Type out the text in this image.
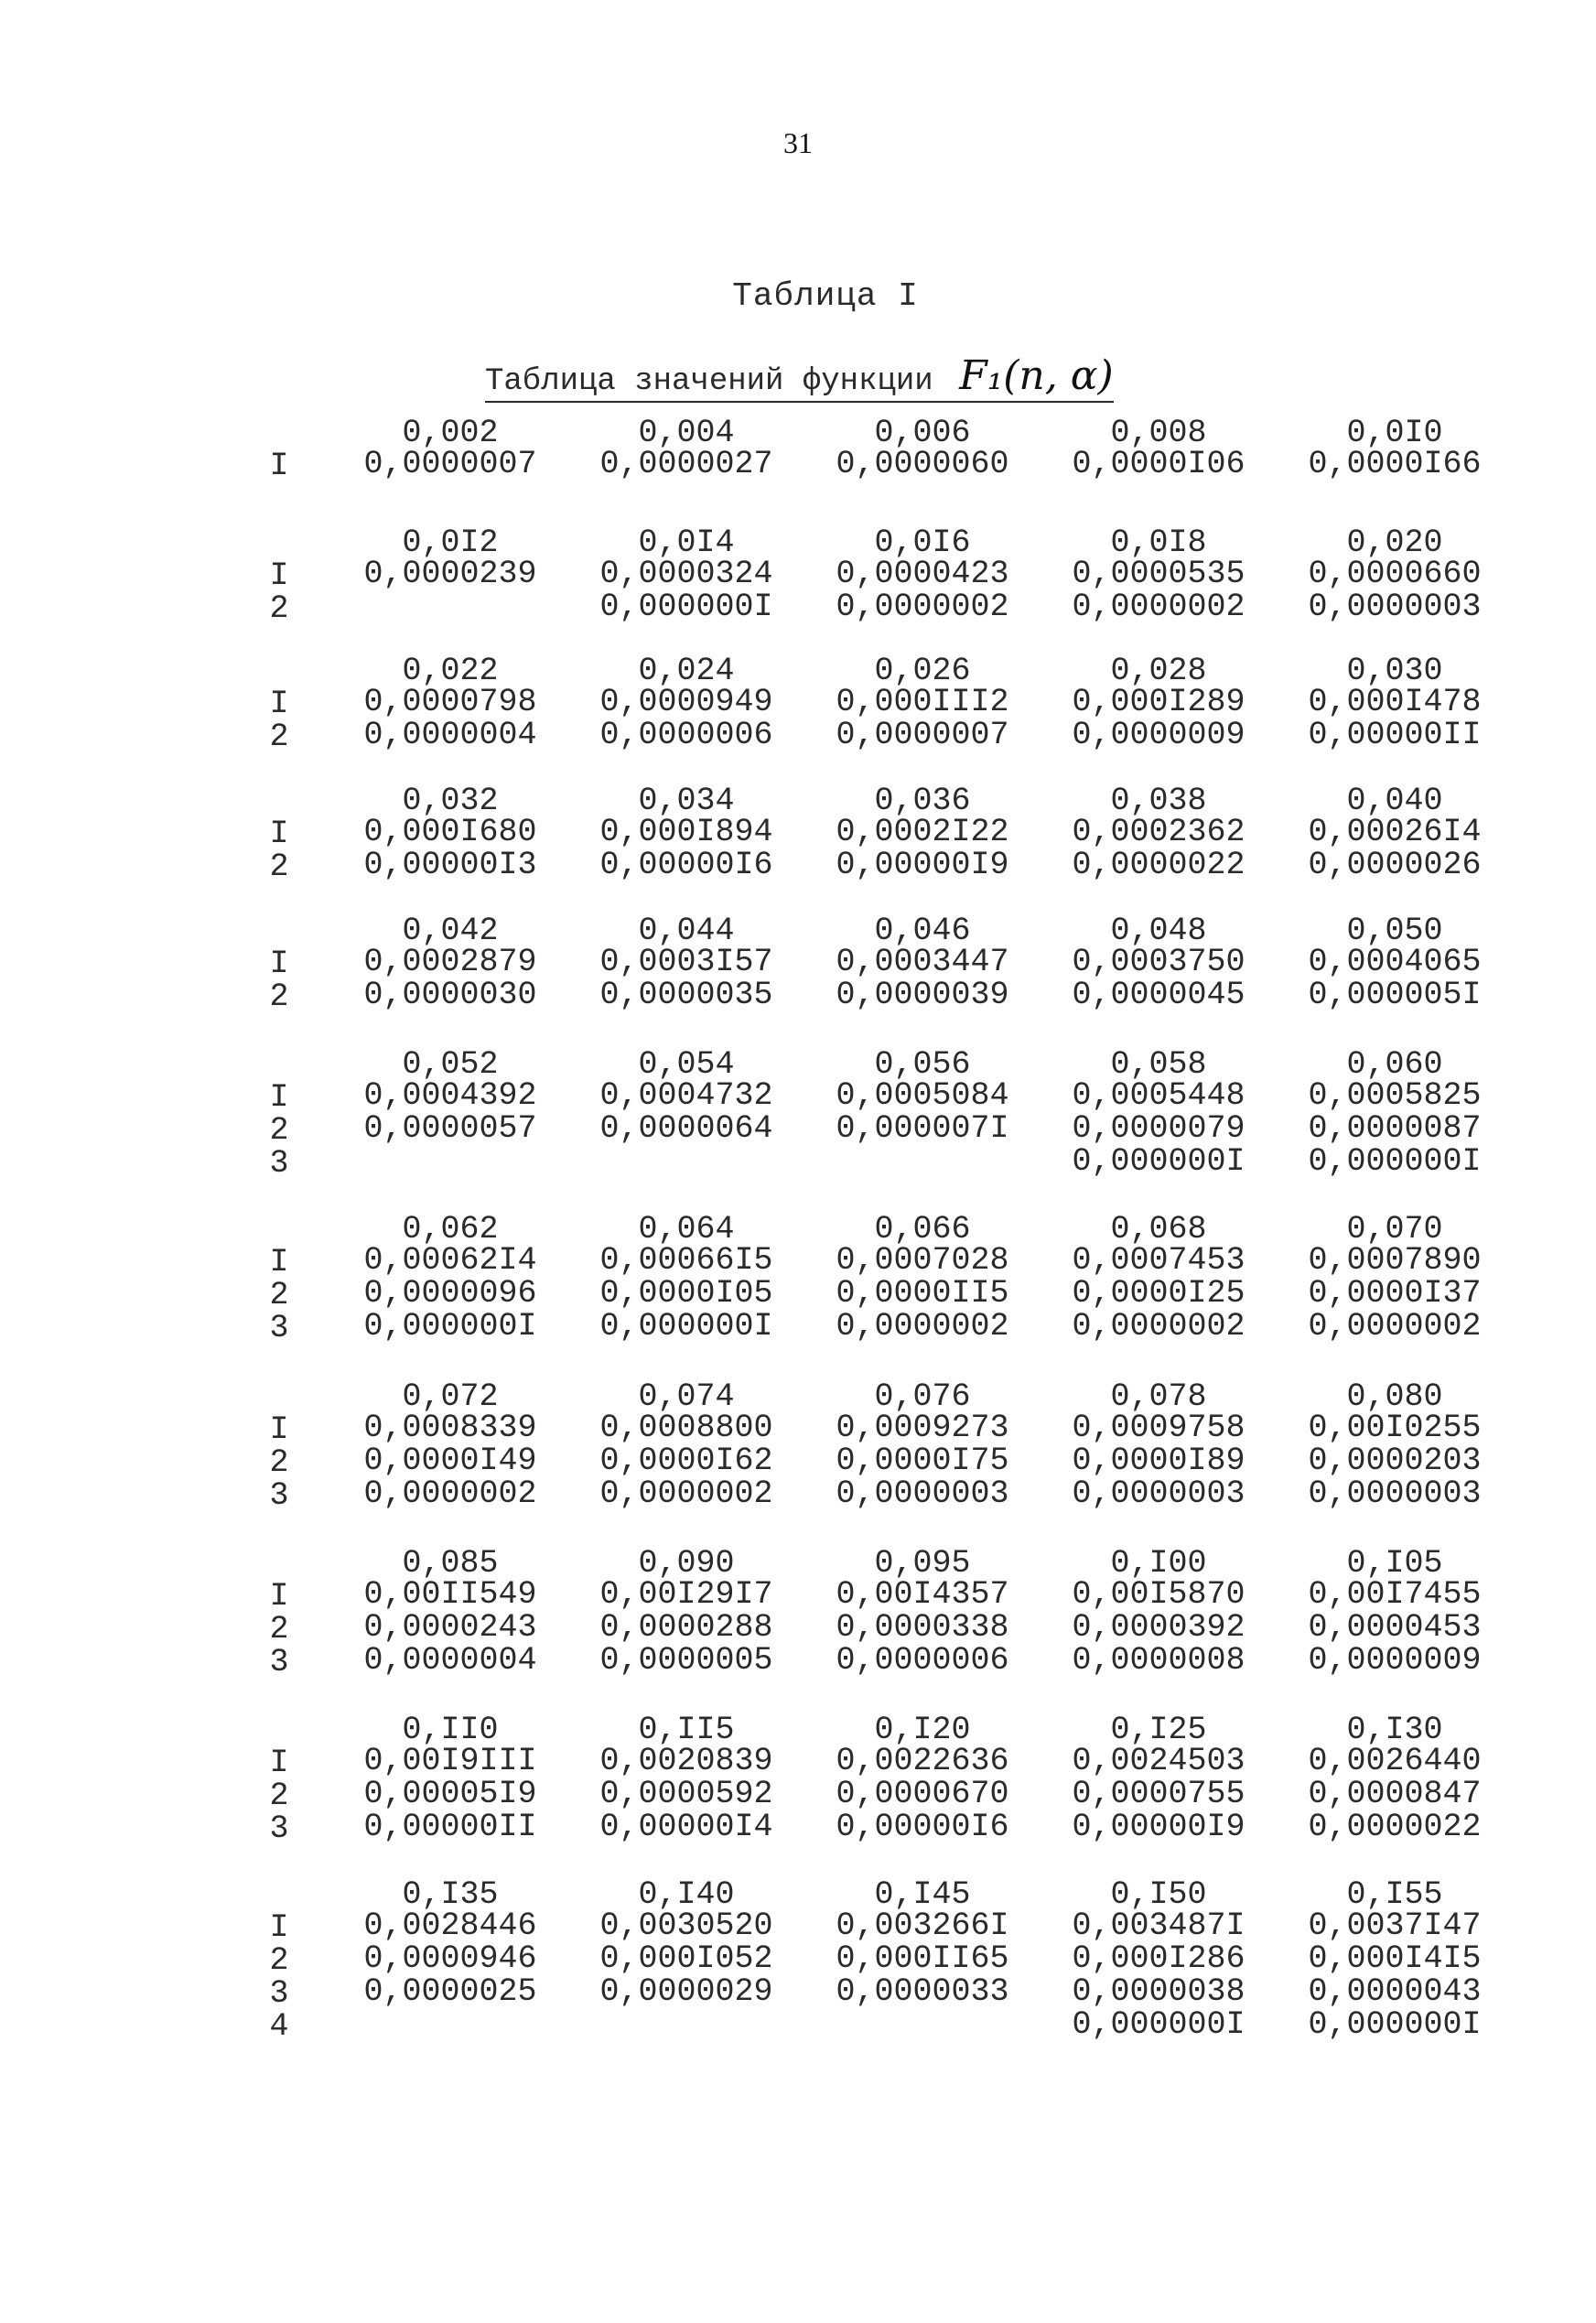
31
Таблица I
Таблица значений функции F₁(n, α)
I
0,002
0,0000007
0,004
0,0000027
0,006
0,0000060
0,008
0,0000I06
0,0I0
0,0000I66
I
2
0,0I2
0,0000239
0,0I4
0,0000324
0,000000I
0,0I6
0,0000423
0,0000002
0,0I8
0,0000535
0,0000002
0,020
0,0000660
0,0000003
I
2
0,022
0,0000798
0,0000004
0,024
0,0000949
0,0000006
0,026
0,000III2
0,0000007
0,028
0,000I289
0,0000009
0,030
0,000I478
0,00000II
I
2
0,032
0,000I680
0,00000I3
0,034
0,000I894
0,00000I6
0,036
0,0002I22
0,00000I9
0,038
0,0002362
0,0000022
0,040
0,00026I4
0,0000026
I
2
0,042
0,0002879
0,0000030
0,044
0,0003I57
0,0000035
0,046
0,0003447
0,0000039
0,048
0,0003750
0,0000045
0,050
0,0004065
0,000005I
I
2
3
0,052
0,0004392
0,0000057
0,054
0,0004732
0,0000064
0,056
0,0005084
0,000007I
0,058
0,0005448
0,0000079
0,000000I
0,060
0,0005825
0,0000087
0,000000I
I
2
3
0,062
0,00062I4
0,0000096
0,000000I
0,064
0,00066I5
0,0000I05
0,000000I
0,066
0,0007028
0,0000II5
0,0000002
0,068
0,0007453
0,0000I25
0,0000002
0,070
0,0007890
0,0000I37
0,0000002
I
2
3
0,072
0,0008339
0,0000I49
0,0000002
0,074
0,0008800
0,0000I62
0,0000002
0,076
0,0009273
0,0000I75
0,0000003
0,078
0,0009758
0,0000I89
0,0000003
0,080
0,00I0255
0,0000203
0,0000003
I
2
3
0,085
0,00II549
0,0000243
0,0000004
0,090
0,00I29I7
0,0000288
0,0000005
0,095
0,00I4357
0,0000338
0,0000006
0,I00
0,00I5870
0,0000392
0,0000008
0,I05
0,00I7455
0,0000453
0,0000009
I
2
3
0,II0
0,00I9III
0,00005I9
0,00000II
0,II5
0,0020839
0,0000592
0,00000I4
0,I20
0,0022636
0,0000670
0,00000I6
0,I25
0,0024503
0,0000755
0,00000I9
0,I30
0,0026440
0,0000847
0,0000022
I
2
3
4
0,I35
0,0028446
0,0000946
0,0000025
0,I40
0,0030520
0,000I052
0,0000029
0,I45
0,003266I
0,000II65
0,0000033
0,I50
0,003487I
0,000I286
0,0000038
0,000000I
0,I55
0,0037I47
0,000I4I5
0,0000043
0,000000I
